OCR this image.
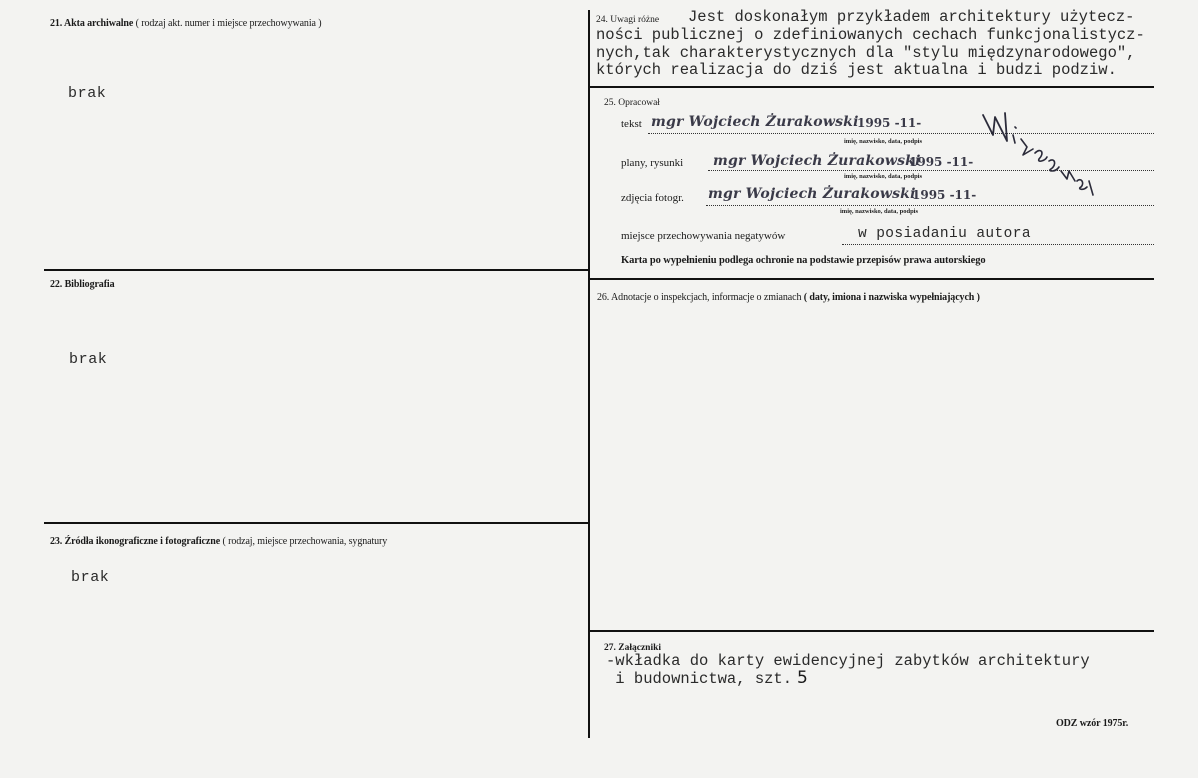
21. Akta archiwalne ( rodzaj akt. numer i miejsce przechowywania )
brak
22. Bibliografia
brak
23. Źródła ikonograficzne i fotograficzne ( rodzaj, miejsce przechowania, sygnatury
brak
24. Uwagi różne Jest doskonałym przykładem architektury użytecz-
ności publicznej o zdefiniowanych cechach funkcjonalistycz-
nych,tak charakterystycznych dla "stylu międzynarodowego",
których realizacja do dziś jest aktualna i budzi podziw.
25. Opracował
tekst mgr Wojciech Żurakowski
1995 -11-
imię, nazwisko, data, podpis
plany, rysunki mgr Wojciech Żurakowski
1995 -11-
imię, nazwisko, data, podpis
zdjęcia fotogr. mgr Wojciech Żurakowski
1995 -11-
imię, nazwisko, data, podpis
miejsce przechowywania negatywów	w posiadaniu autora
Karta po wypełnieniu podlega ochronie na podstawie przepisów prawa autorskiego
26. Adnotacje o inspekcjach, informacje o zmianach ( daty, imiona i nazwiska wypełniających )
27. Załączniki
-wkładka do karty ewidencyjnej zabytków architektury
i budownictwa, szt. 5
ODZ wzór 1975r.
